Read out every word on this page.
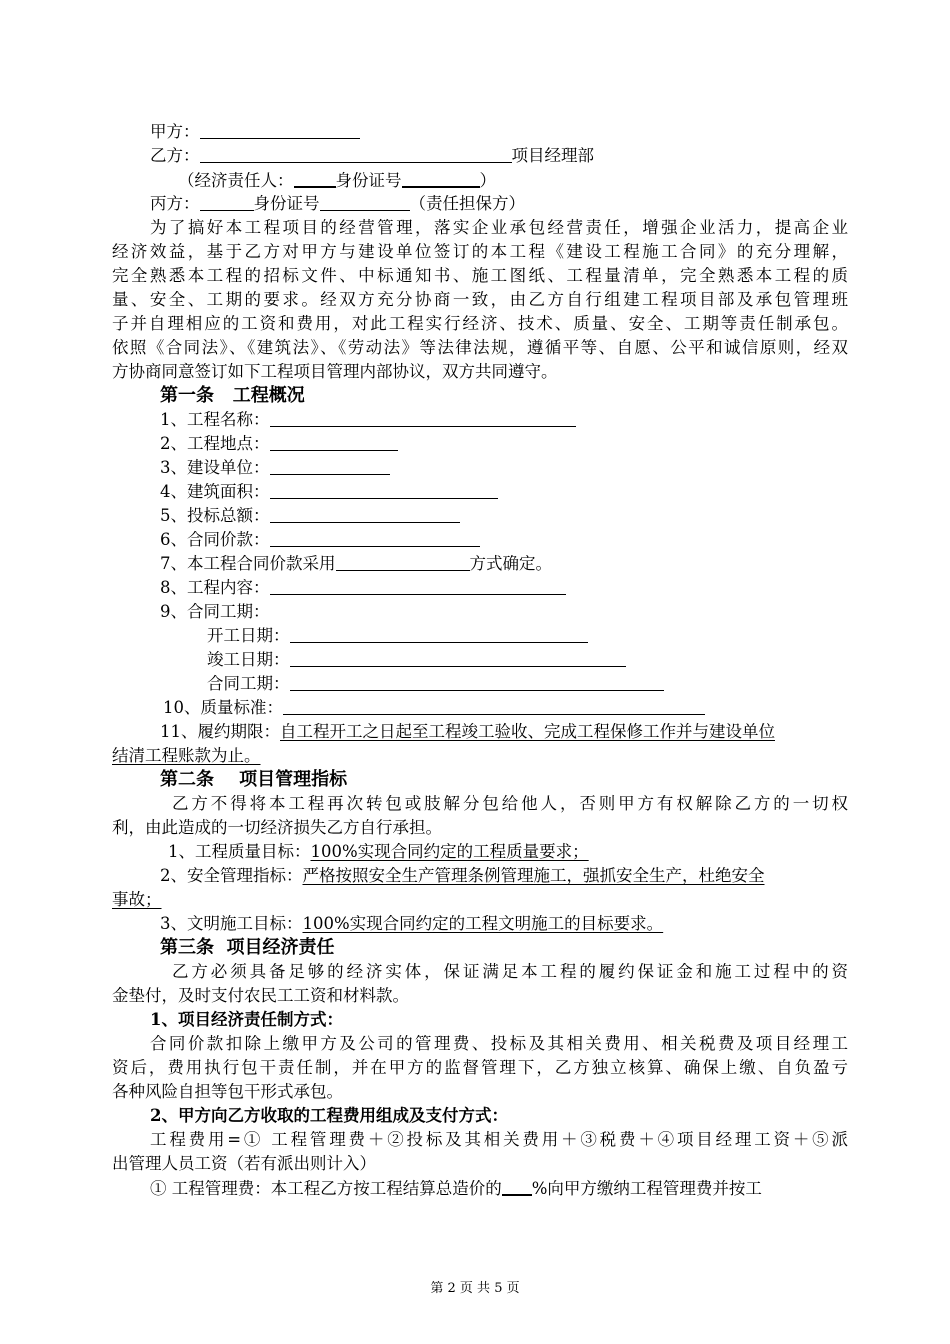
甲方：
乙方：	项目经理部
（经济责任人：	身份证号	）
丙方：	身份证号	（责任担保方）
为了搞好本工程项目的经营管理，落实企业承包经营责任，增强企业活力，提高企业
经济效益，基于乙方对甲方与建设单位签订的本工程《建设工程施工合同》的充分理解，
完全熟悉本工程的招标文件、中标通知书、施工图纸、工程量清单，完全熟悉本工程的质
量、安全、工期的要求。经双方充分协商一致，由乙方自行组建工程项目部及承包管理班
子并自理相应的工资和费用，对此工程实行经济、技术、质量、安全、工期等责任制承包。
依照《合同法》、《建筑法》、《劳动法》等法律法规，遵循平等、自愿、公平和诚信原则，经双
方协商同意签订如下工程项目管理内部协议，双方共同遵守。
第一条   工程概况
1、工程名称：
2、工程地点：
3、建设单位：
4、建筑面积：
5、投标总额：
6、合同价款：
7、本工程合同价款采用	方式确定。
8、工程内容：
9、合同工期：
开工日期：
竣工日期：
合同工期：
10、质量标准：
11、履约期限：自工程开工之日起至工程竣工验收、完成工程保修工作并与建设单位
结清工程账款为止。
第二条    项目管理指标
乙方不得将本工程再次转包或肢解分包给他人，否则甲方有权解除乙方的一切权
利，由此造成的一切经济损失乙方自行承担。
1、工程质量目标：100%实现合同约定的工程质量要求；
2、安全管理指标：严格按照安全生产管理条例管理施工，强抓安全生产，杜绝安全
事故；
3、文明施工目标：100%实现合同约定的工程文明施工的目标要求。
第三条  项目经济责任
乙方必须具备足够的经济实体，保证满足本工程的履约保证金和施工过程中的资
金垫付，及时支付农民工工资和材料款。
1、项目经济责任制方式：
合同价款扣除上缴甲方及公司的管理费、投标及其相关费用、相关税费及项目经理工
资后，费用执行包干责任制，并在甲方的监督管理下，乙方独立核算、确保上缴、自负盈亏
各种风险自担等包干形式承包。
2、甲方向乙方收取的工程费用组成及支付方式：
工程费用=① 工程管理费＋②投标及其相关费用＋③税费＋④项目经理工资＋⑤派
出管理人员工资（若有派出则计入）
① 工程管理费：本工程乙方按工程结算总造价的 %向甲方缴纳工程管理费并按工
第 2 页 共 5 页
